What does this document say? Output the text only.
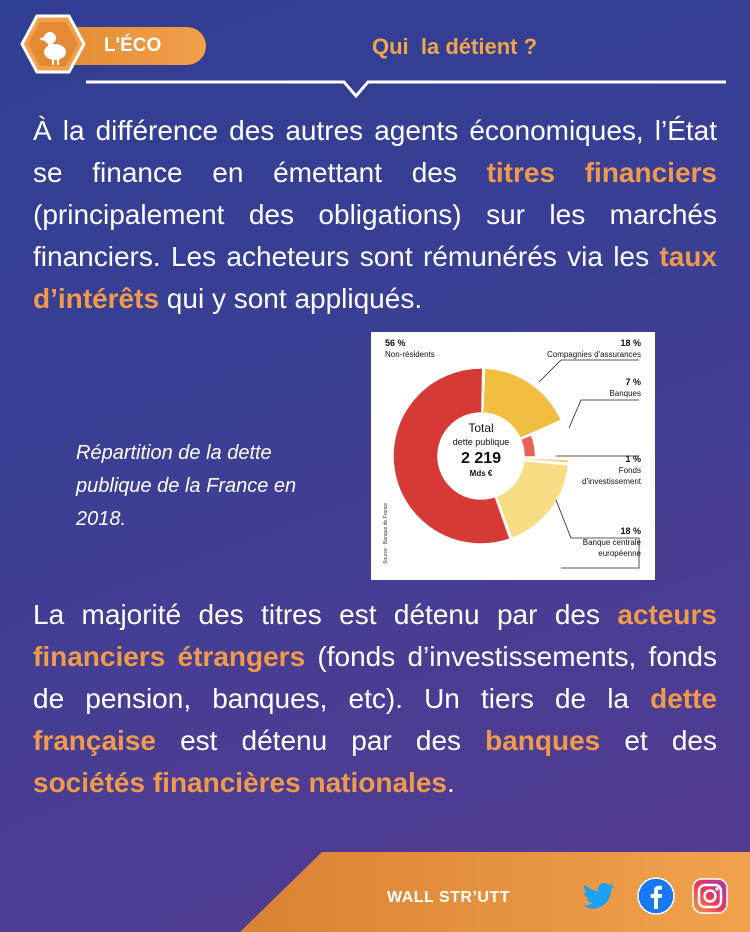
L'ÉCO	Qui  la détient ?

À la différence des autres agents économiques, l’État se finance en émettant des titres financiers (principalement des obligations) sur les marchés financiers. Les acheteurs sont rémunérés via les taux d’intérêts qui y sont appliqués.

Répartition de la dette publique de la France en 2018.
Total
dette publique
2 219
Mds €
56 %
Non-résidents
18 %
Compagnies d'assurances
7 %
Banques
1 %
Fonds
d'investissement
18 %
Banque centrale
européenne
Source : Banque de France

La majorité des titres est détenu par des acteurs financiers étrangers (fonds d’investissements, fonds de pension, banques, etc). Un tiers de la dette française est détenu par des banques et des sociétés financières nationales.

WALL STR’UTT
